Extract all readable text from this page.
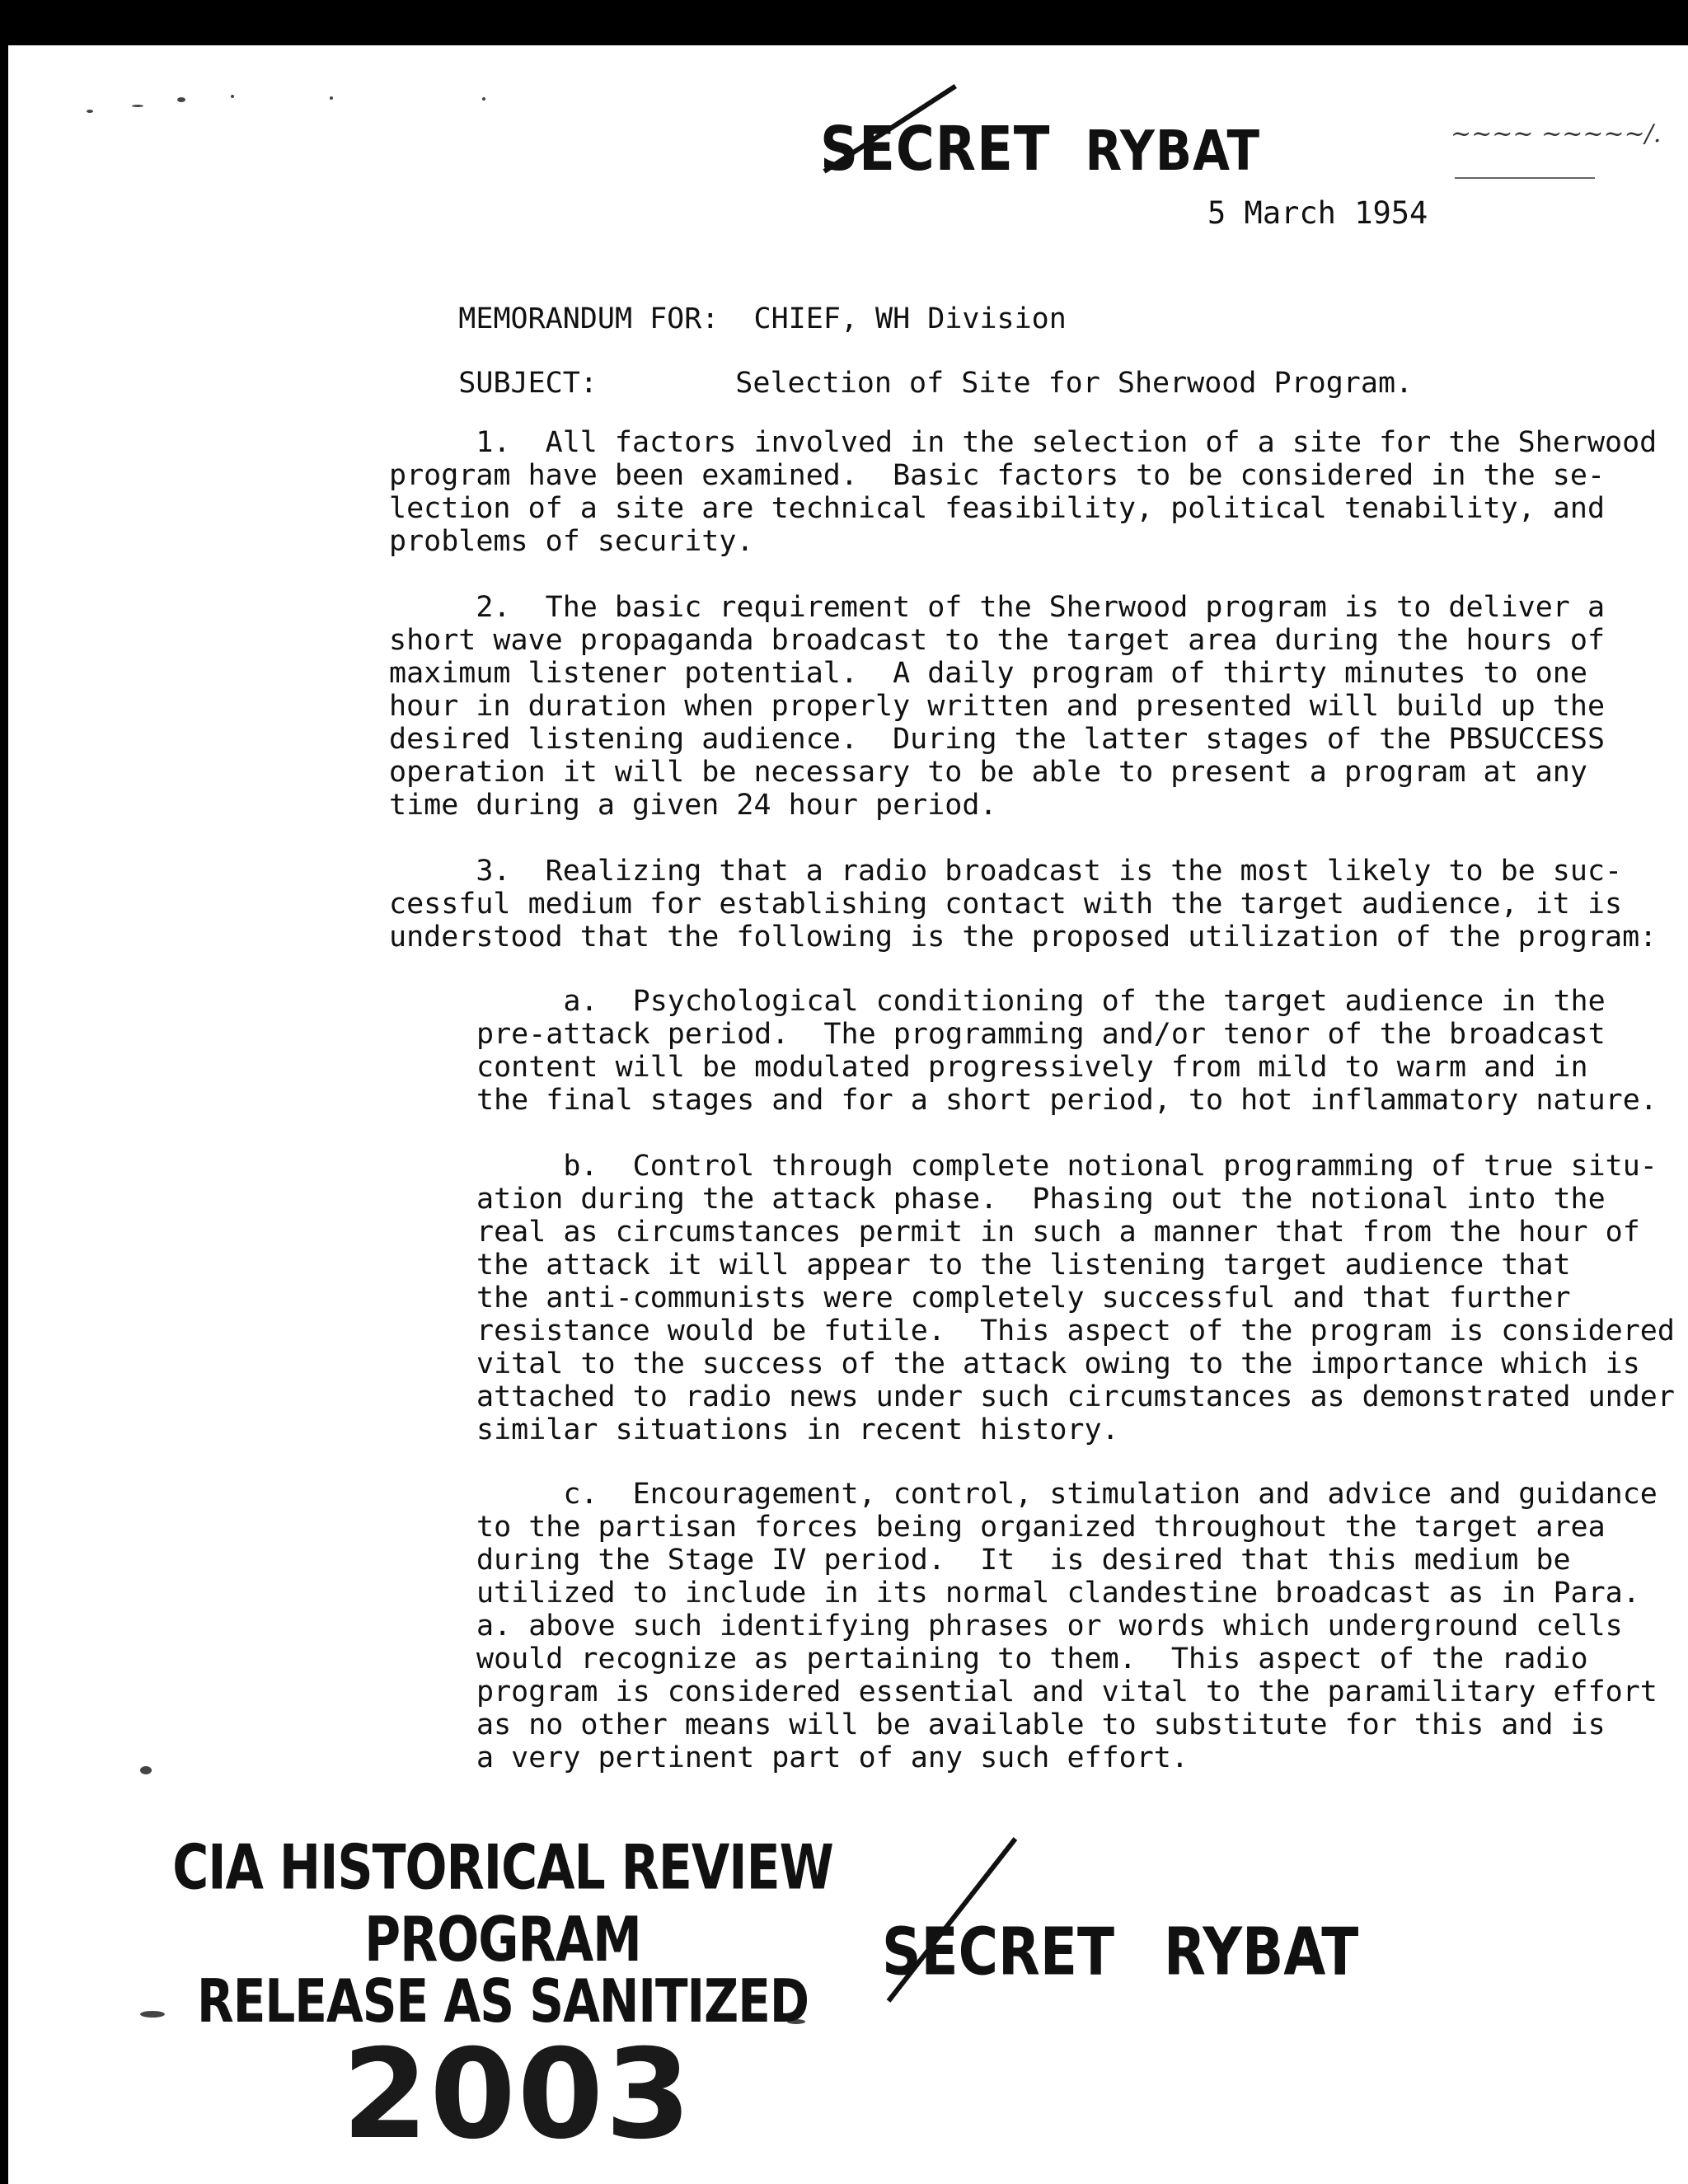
SECRET RYBAT	~~~~ ~~~~~/.
5 March 1954

MEMORANDUM FOR: CHIEF, WH Division

SUBJECT:	Selection of Site for Sherwood Program.

1.  All factors involved in the selection of a site for the Sherwood
program have been examined.  Basic factors to be considered in the se-
lection of a site are technical feasibility, political tenability, and
problems of security.
2.  The basic requirement of the Sherwood program is to deliver a
short wave propaganda broadcast to the target area during the hours of
maximum listener potential.  A daily program of thirty minutes to one
hour in duration when properly written and presented will build up the
desired listening audience.  During the latter stages of the PBSUCCESS
operation it will be necessary to be able to present a program at any
time during a given 24 hour period.
3.  Realizing that a radio broadcast is the most likely to be suc-
cessful medium for establishing contact with the target audience, it is
understood that the following is the proposed utilization of the program:
a.  Psychological conditioning of the target audience in the
pre-attack period.  The programming and/or tenor of the broadcast
content will be modulated progressively from mild to warm and in
the final stages and for a short period, to hot inflammatory nature.
b.  Control through complete notional programming of true situ-
ation during the attack phase.  Phasing out the notional into the
real as circumstances permit in such a manner that from the hour of
the attack it will appear to the listening target audience that
the anti-communists were completely successful and that further
resistance would be futile.  This aspect of the program is considered
vital to the success of the attack owing to the importance which is
attached to radio news under such circumstances as demonstrated under
similar situations in recent history.
c.  Encouragement, control, stimulation and advice and guidance
to the partisan forces being organized throughout the target area
during the Stage IV period.  It  is desired that this medium be
utilized to include in its normal clandestine broadcast as in Para.
a. above such identifying phrases or words which underground cells
would recognize as pertaining to them.  This aspect of the radio
program is considered essential and vital to the paramilitary effort
as no other means will be available to substitute for this and is
a very pertinent part of any such effort.
CIA HISTORICAL REVIEW PROGRAM
RELEASE AS SANITIZED
2003
SECRET RYBAT
